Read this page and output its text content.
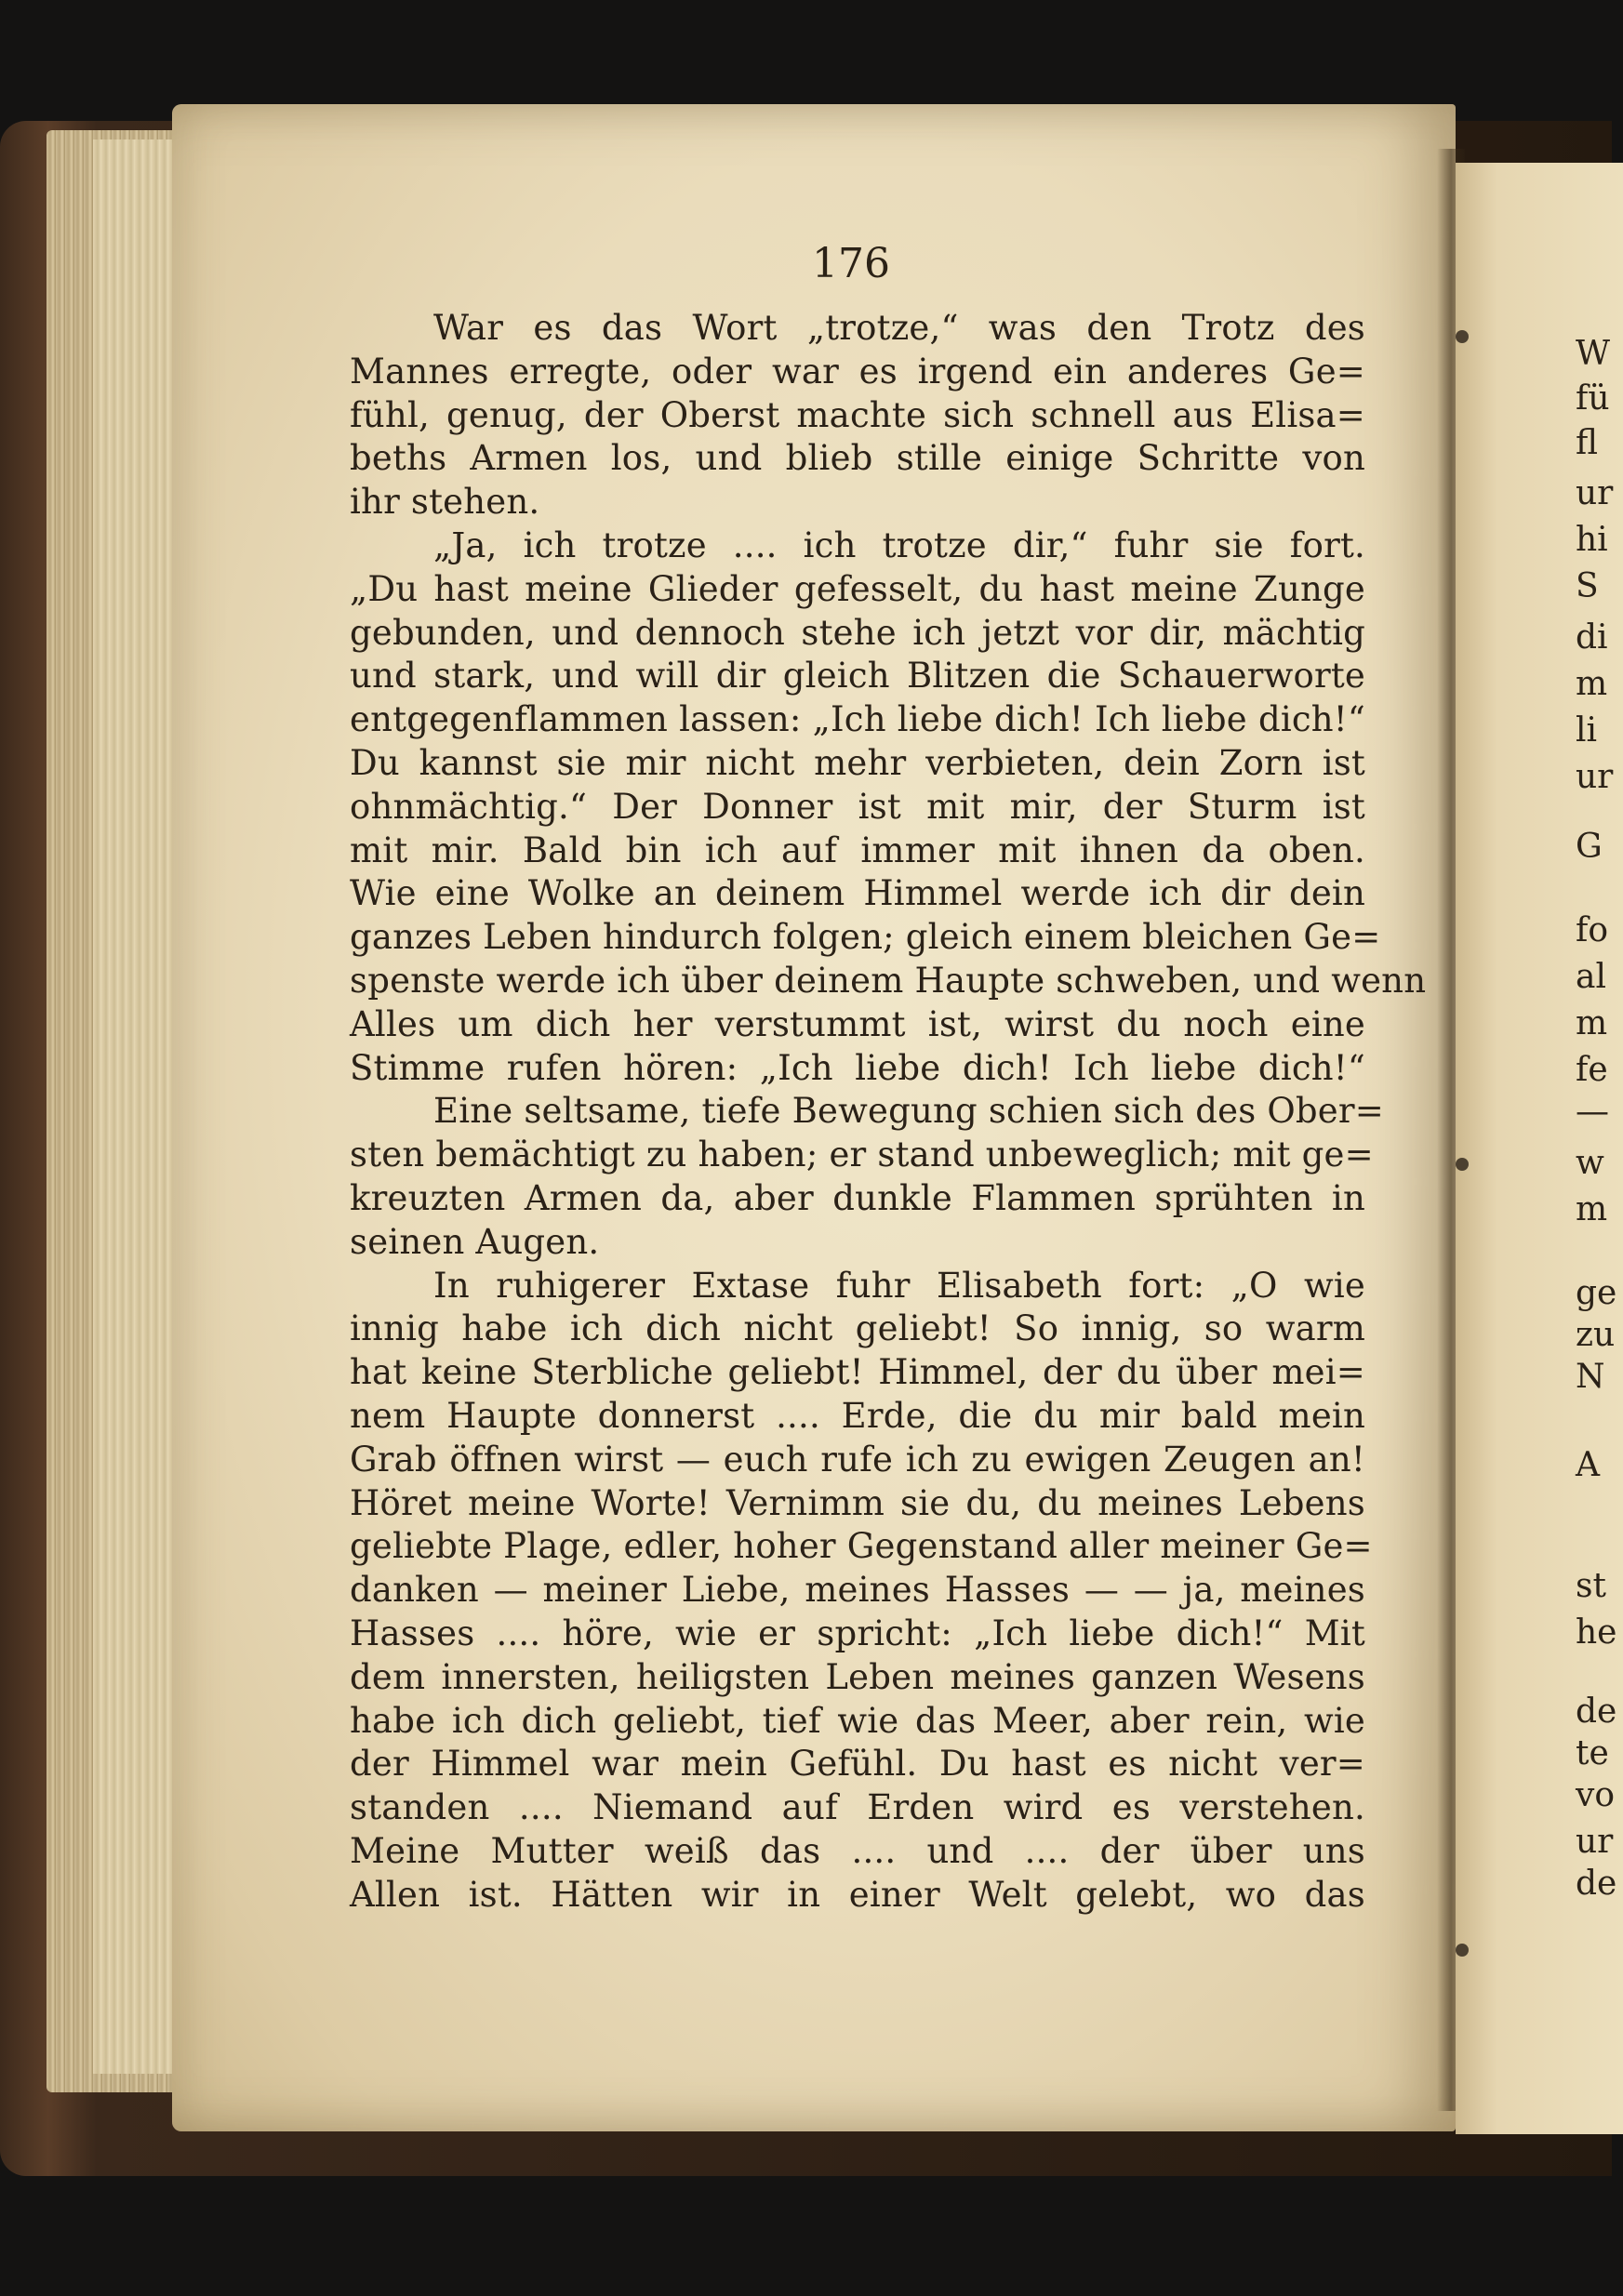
176

War es das Wort „trotze,“ was den Trotz des
Mannes erregte, oder war es irgend ein anderes Ge=
fühl, genug, der Oberst machte sich schnell aus Elisa=
beths Armen los, und blieb stille einige Schritte von
ihr stehen.
„Ja, ich trotze .... ich trotze dir,“ fuhr sie fort.
„Du hast meine Glieder gefesselt, du hast meine Zunge
gebunden, und dennoch stehe ich jetzt vor dir, mächtig
und stark, und will dir gleich Blitzen die Schauerworte
entgegenflammen lassen: „Ich liebe dich! Ich liebe dich!“
Du kannst sie mir nicht mehr verbieten, dein Zorn ist
ohnmächtig.“ Der Donner ist mit mir, der Sturm ist
mit mir. Bald bin ich auf immer mit ihnen da oben.
Wie eine Wolke an deinem Himmel werde ich dir dein
ganzes Leben hindurch folgen; gleich einem bleichen Ge=
spenste werde ich über deinem Haupte schweben, und wenn
Alles um dich her verstummt ist, wirst du noch eine
Stimme rufen hören: „Ich liebe dich! Ich liebe dich!“
Eine seltsame, tiefe Bewegung schien sich des Ober=
sten bemächtigt zu haben; er stand unbeweglich; mit ge=
kreuzten Armen da, aber dunkle Flammen sprühten in
seinen Augen.
In ruhigerer Extase fuhr Elisabeth fort: „O wie
innig habe ich dich nicht geliebt! So innig, so warm
hat keine Sterbliche geliebt! Himmel, der du über mei=
nem Haupte donnerst .... Erde, die du mir bald mein
Grab öffnen wirst — euch rufe ich zu ewigen Zeugen an!
Höret meine Worte! Vernimm sie du, du meines Lebens
geliebte Plage, edler, hoher Gegenstand aller meiner Ge=
danken — meiner Liebe, meines Hasses — — ja, meines
Hasses .... höre, wie er spricht: „Ich liebe dich!“ Mit
dem innersten, heiligsten Leben meines ganzen Wesens
habe ich dich geliebt, tief wie das Meer, aber rein, wie
der Himmel war mein Gefühl. Du hast es nicht ver=
standen .... Niemand auf Erden wird es verstehen.
Meine Mutter weiß das .... und .... der über uns
Allen ist. Hätten wir in einer Welt gelebt, wo das
W
fü
fl
ur
hi
S
di
m
li
ur
G
fo
al
m
fe
—
w
m
ge
zu
N
A
st
he
de
te
vo
ur
de
